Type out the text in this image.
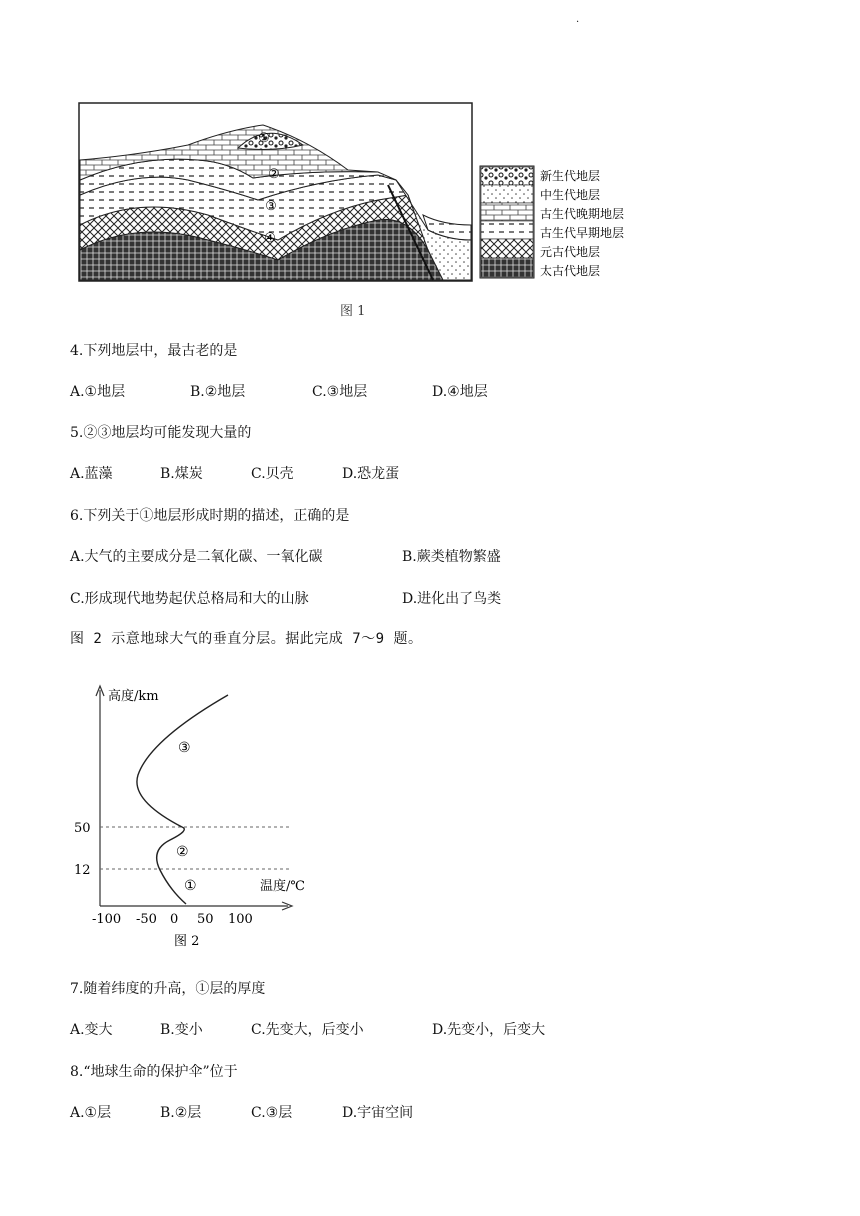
.
①
②
③
④
新生代地层
中生代地层
古生代晚期地层
古生代早期地层
元古代地层
太古代地层
图 1
4.下列地层中，最古老的是
A.①地层	B.②地层	C.③地层	D.④地层
5.②③地层均可能发现大量的
A.蓝藻	B.煤炭	C.贝壳	D.恐龙蛋
6.下列关于①地层形成时期的描述，正确的是
A.大气的主要成分是二氧化碳、一氧化碳	B.蕨类植物繁盛
C.形成现代地势起伏总格局和大的山脉	D.进化出了鸟类
图 2 示意地球大气的垂直分层。据此完成 7～9 题。
高度/km
温度/℃
50
12
-100 -50 0 50 100
①
②
③
图 2
7.随着纬度的升高，①层的厚度
A.变大	B.变小	C.先变大，后变小	D.先变小，后变大
8.“地球生命的保护伞”位于
A.①层	B.②层	C.③层	D.宇宙空间
